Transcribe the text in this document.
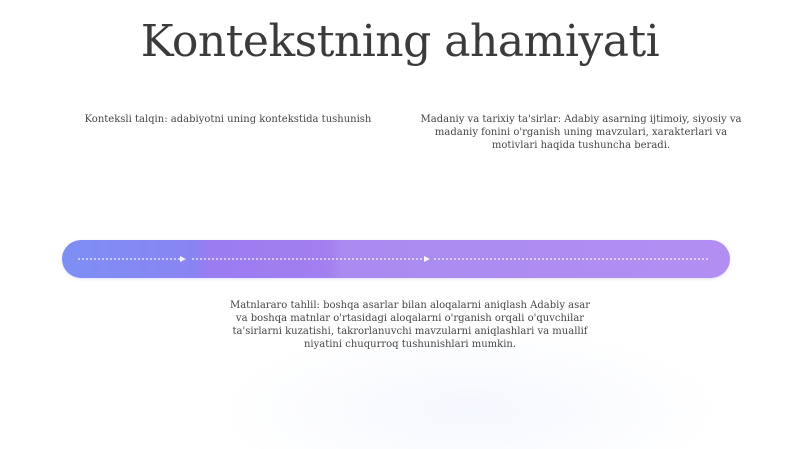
Kontekstning ahamiyati
Konteksli talqin: adabiyotni uning kontekstida tushunish	Madaniy va tarixiy ta'sirlar: Adabiy asarning ijtimoiy, siyosiy va madaniy fonini o'rganish uning mavzulari, xarakterlari va motivlari haqida tushuncha beradi.
Matnlararo tahlil: boshqa asarlar bilan aloqalarni aniqlash Adabiy asar va boshqa matnlar o'rtasidagi aloqalarni o'rganish orqali o'quvchilar ta'sirlarni kuzatishi, takrorlanuvchi mavzularni aniqlashlari va muallif niyatini chuqurroq tushunishlari mumkin.
